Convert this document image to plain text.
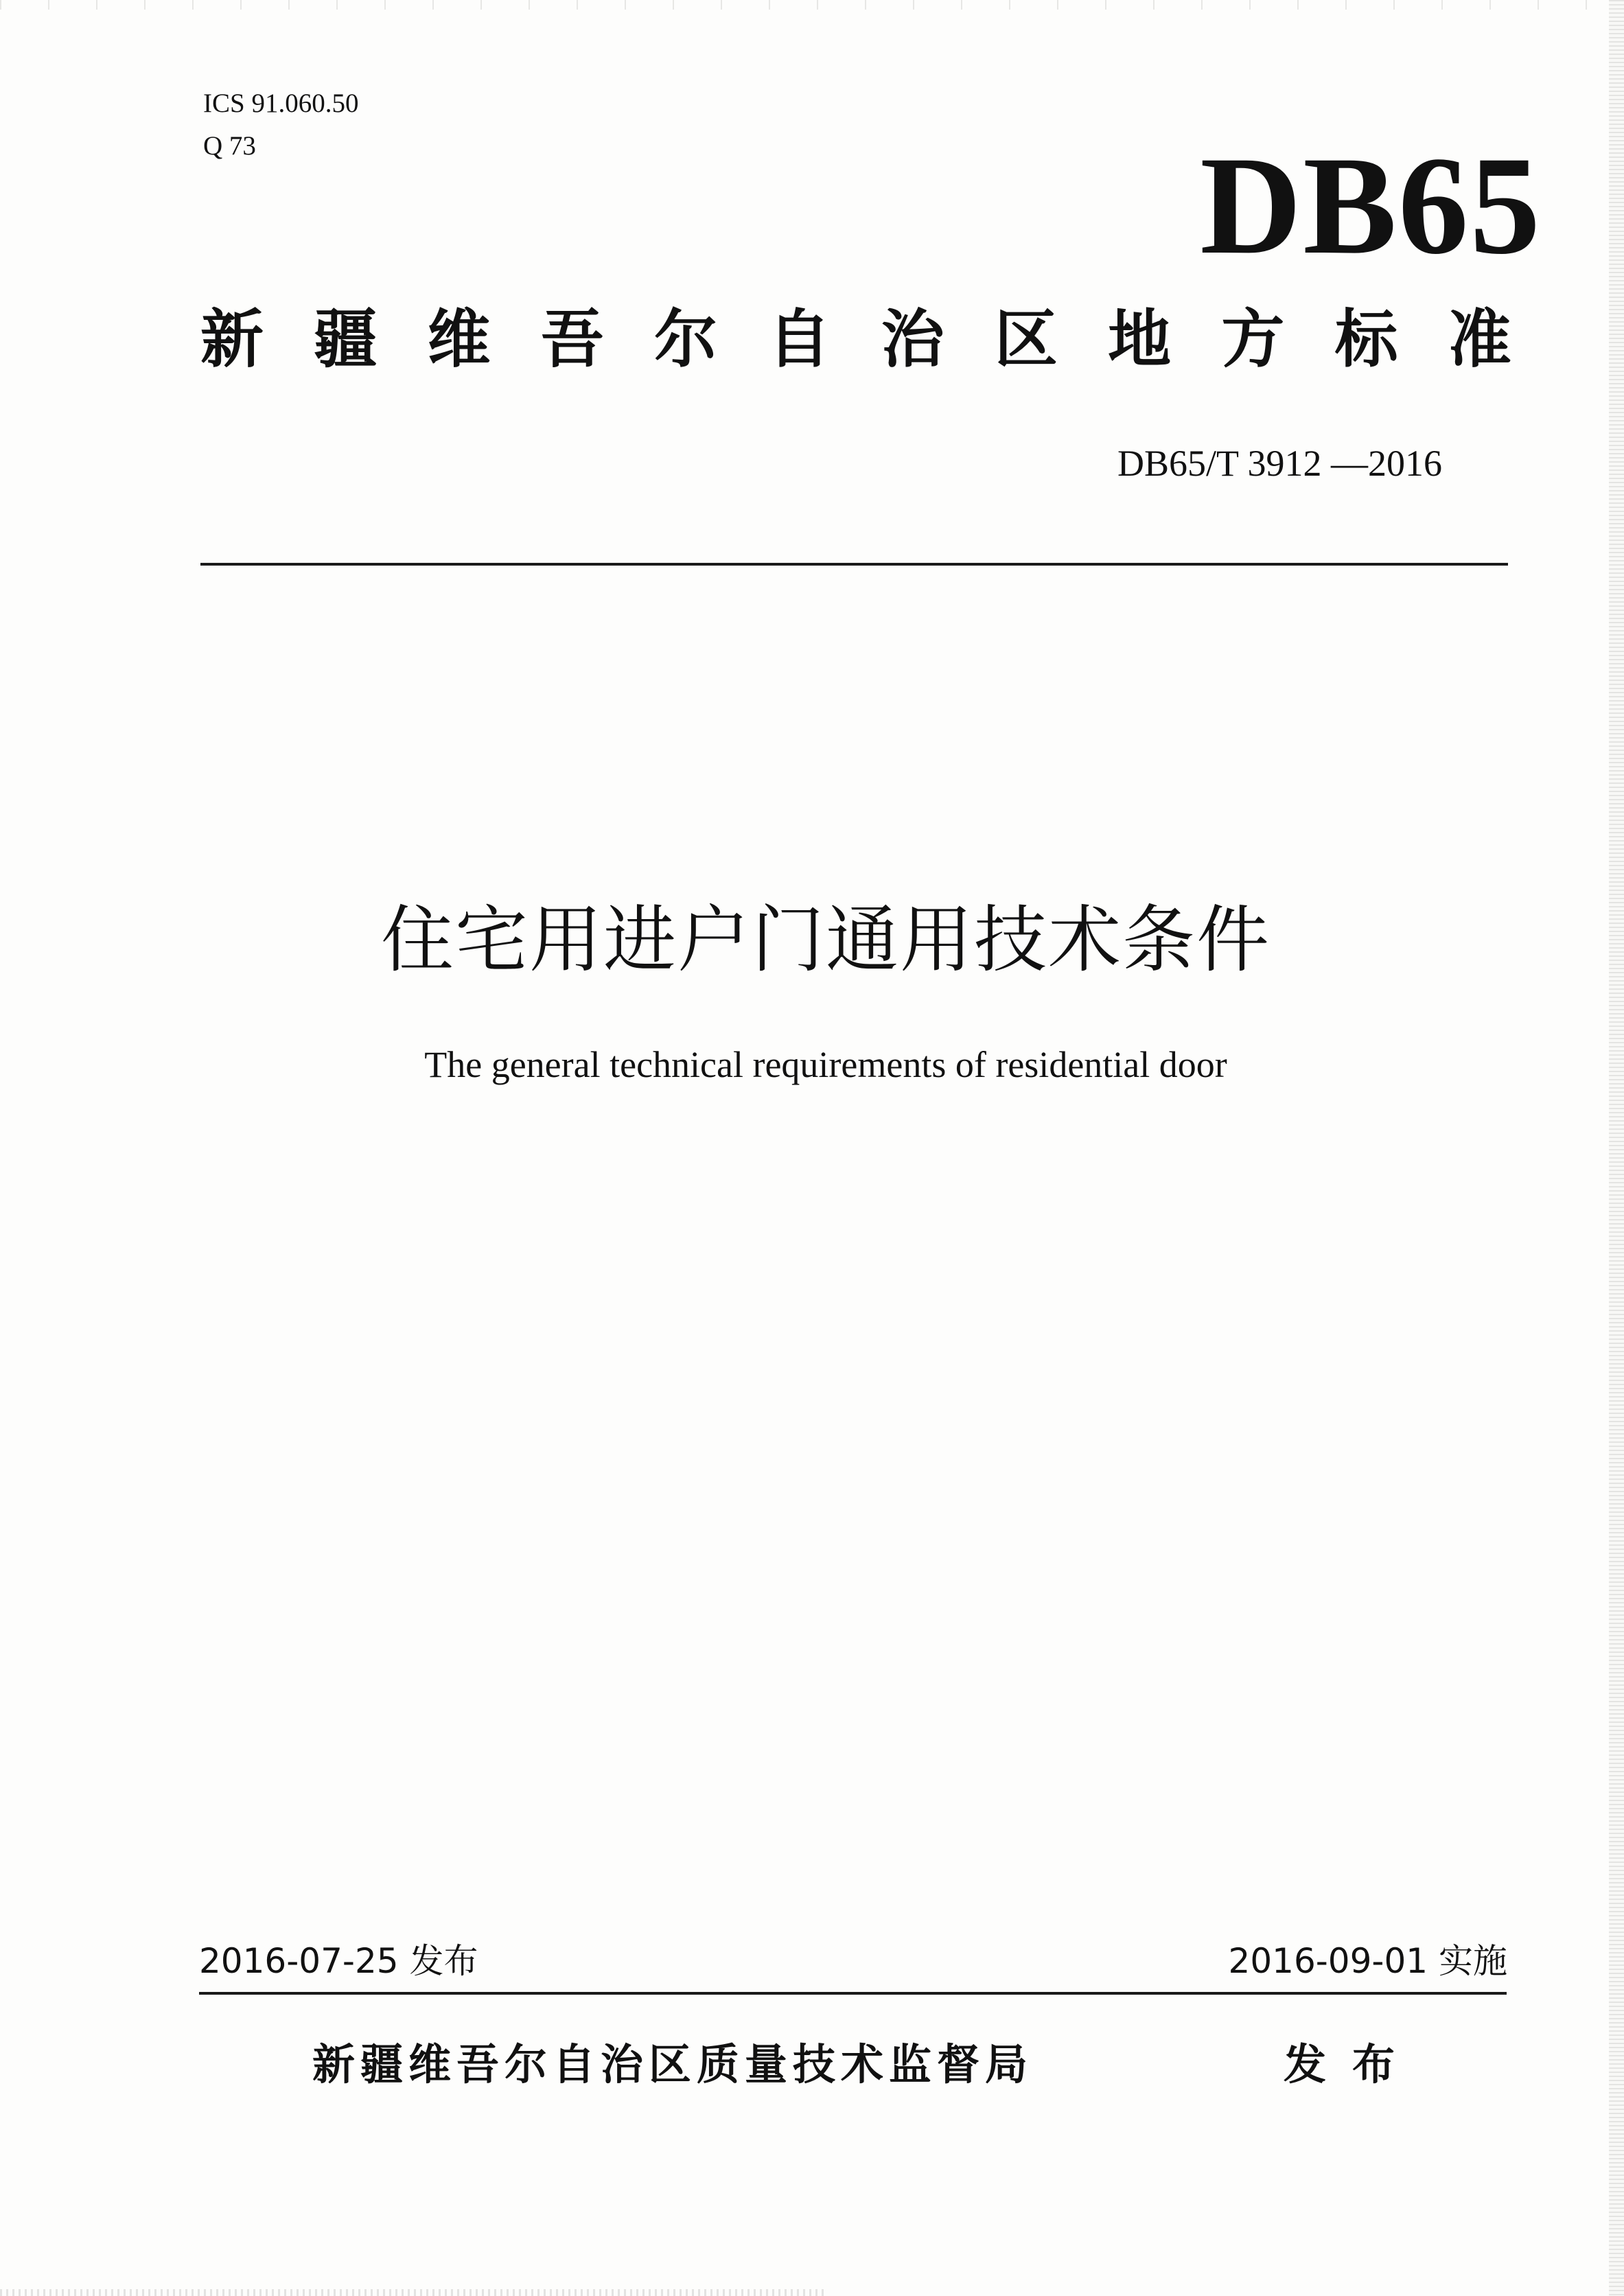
ICS 91.060.50
Q 73	DB65
新 疆 维 吾 尔 自 治 区 地 方 标 准
DB65/T 3912 —2016
住宅用进户门通用技术条件
The general technical requirements of residential door
2016-07-25 发布	2016-09-01 实施
新疆维吾尔自治区质量技术监督局	发布
